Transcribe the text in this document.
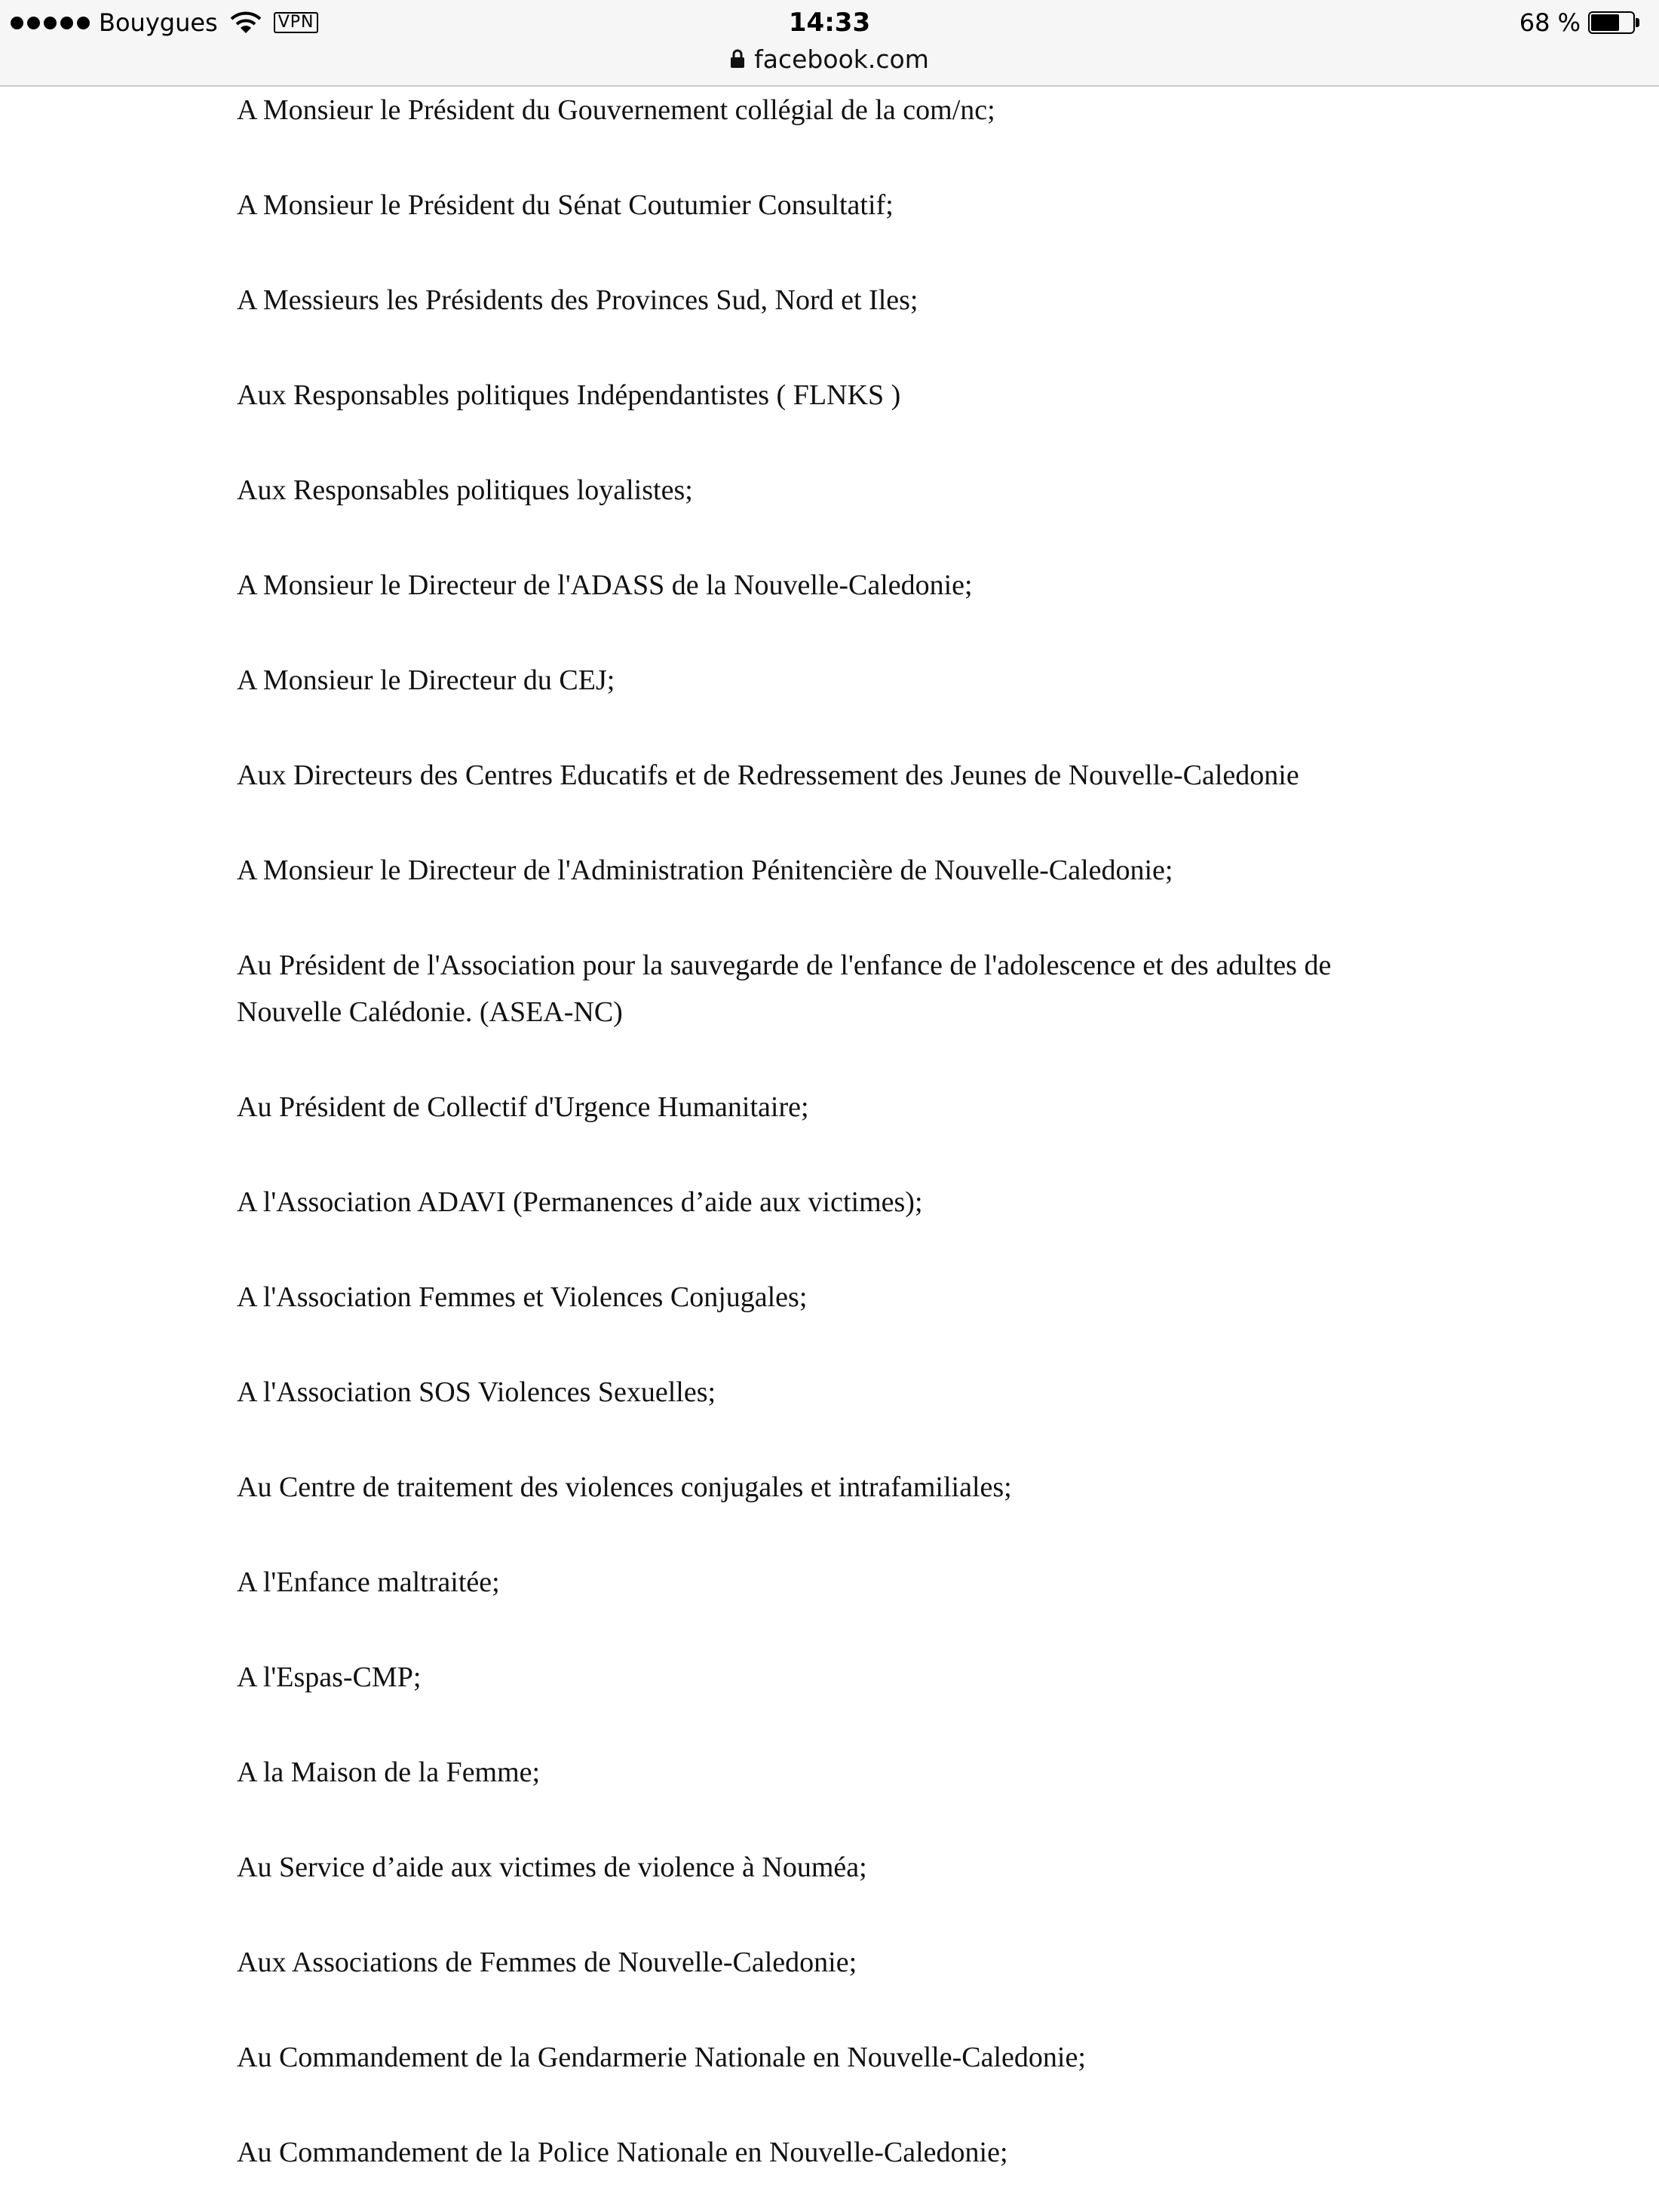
Bouygues	VPN	14:33	68 %
facebook.com

A Monsieur le Président du Gouvernement collégial de la com/nc;

A Monsieur le Président du Sénat Coutumier Consultatif;

A Messieurs les Présidents des Provinces Sud, Nord et Iles;

Aux Responsables politiques Indépendantistes ( FLNKS )

Aux Responsables politiques loyalistes;

A Monsieur le Directeur de l'ADASS de la Nouvelle-Caledonie;

A Monsieur le Directeur du CEJ;

Aux Directeurs des Centres Educatifs et de Redressement des Jeunes de Nouvelle-Caledonie

A Monsieur le Directeur de l'Administration Pénitencière de Nouvelle-Caledonie;

Au Président de l'Association pour la sauvegarde de l'enfance de l'adolescence et des adultes de Nouvelle Calédonie. (ASEA-NC)

Au Président de Collectif d'Urgence Humanitaire;

A l'Association ADAVI (Permanences d’aide aux victimes);

A l'Association Femmes et Violences Conjugales;

A l'Association SOS Violences Sexuelles;

Au Centre de traitement des violences conjugales et intrafamiliales;

A l'Enfance maltraitée;

A l'Espas-CMP;

A la Maison de la Femme;

Au Service d’aide aux victimes de violence à Nouméa;

Aux Associations de Femmes de Nouvelle-Caledonie;

Au Commandement de la Gendarmerie Nationale en Nouvelle-Caledonie;

Au Commandement de la Police Nationale en Nouvelle-Caledonie;
